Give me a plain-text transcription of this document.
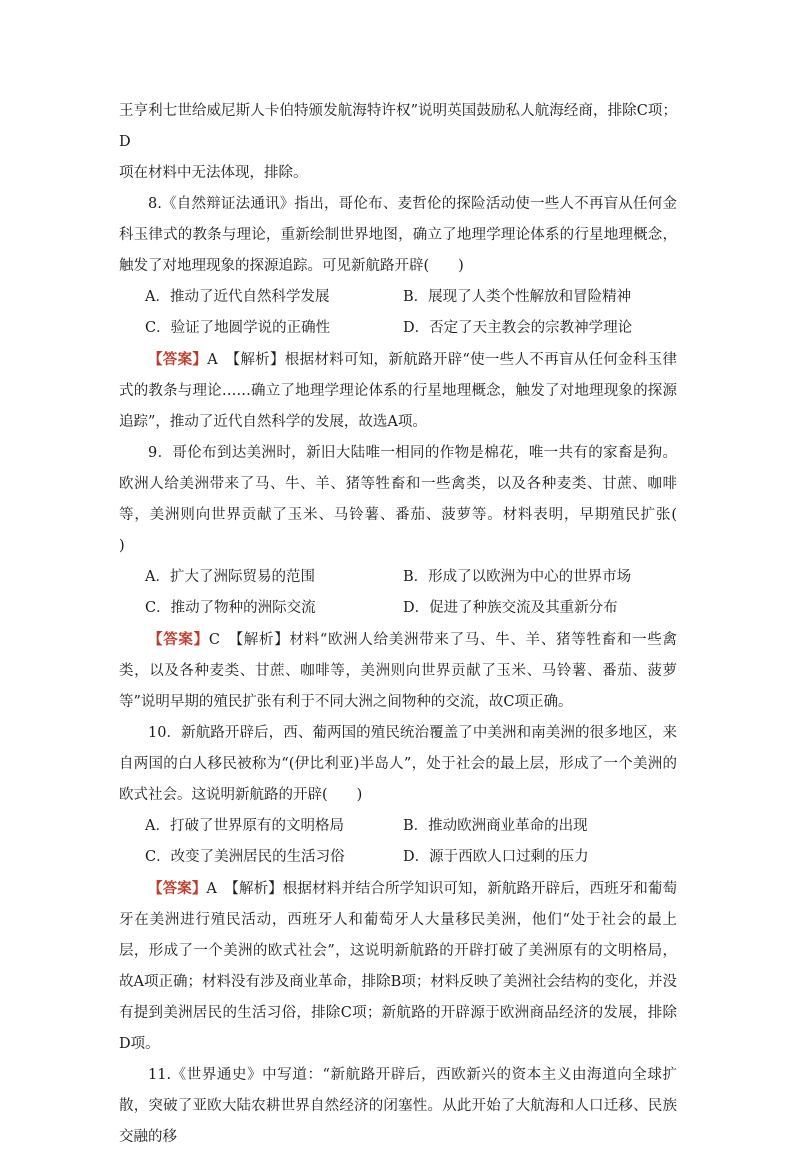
王亨利七世给威尼斯人卡伯特颁发航海特许权”说明英国鼓励私人航海经商，排除C项；D

项在材料中无法体现，排除。

8.《自然辩证法通讯》指出，哥伦布、麦哲伦的探险活动使一些人不再盲从任何金科玉律式的教条与理论，重新绘制世界地图，确立了地理学理论体系的行星地理概念，触发了对地理现象的探源追踪。可见新航路开辟(　　)

A．推动了近代自然科学发展	B．展现了人类个性解放和冒险精神
C．验证了地圆学说的正确性	D．否定了天主教会的宗教神学理论

【答案】A　【解析】根据材料可知，新航路开辟“使一些人不再盲从任何金科玉律式的教条与理论……确立了地理学理论体系的行星地理概念，触发了对地理现象的探源追踪”，推动了近代自然科学的发展，故选A项。

9．哥伦布到达美洲时，新旧大陆唯一相同的作物是棉花，唯一共有的家畜是狗。欧洲人给美洲带来了马、牛、羊、猪等牲畜和一些禽类，以及各种麦类、甘蔗、咖啡等，美洲则向世界贡献了玉米、马铃薯、番茄、菠萝等。材料表明，早期殖民扩张(　　)

A．扩大了洲际贸易的范围	B．形成了以欧洲为中心的世界市场
C．推动了物种的洲际交流	D．促进了种族交流及其重新分布

【答案】C　【解析】材料“欧洲人给美洲带来了马、牛、羊、猪等牲畜和一些禽类，以及各种麦类、甘蔗、咖啡等，美洲则向世界贡献了玉米、马铃薯、番茄、菠萝等”说明早期的殖民扩张有利于不同大洲之间物种的交流，故C项正确。

10．新航路开辟后，西、葡两国的殖民统治覆盖了中美洲和南美洲的很多地区，来自两国的白人移民被称为“(伊比利亚)半岛人”，处于社会的最上层，形成了一个美洲的欧式社会。这说明新航路的开辟(　　)

A．打破了世界原有的文明格局	B．推动欧洲商业革命的出现
C．改变了美洲居民的生活习俗	D．源于西欧人口过剩的压力

【答案】A　【解析】根据材料并结合所学知识可知，新航路开辟后，西班牙和葡萄牙在美洲进行殖民活动，西班牙人和葡萄牙人大量移民美洲，他们“处于社会的最上层，形成了一个美洲的欧式社会”，这说明新航路的开辟打破了美洲原有的文明格局，故A项正确；材料没有涉及商业革命，排除B项；材料反映了美洲社会结构的变化，并没有提到美洲居民的生活习俗，排除C项；新航路的开辟源于欧洲商品经济的发展，排除D项。

11.《世界通史》中写道：“新航路开辟后，西欧新兴的资本主义由海道向全球扩散，突破了亚欧大陆农耕世界自然经济的闭塞性。从此开始了大航海和人口迁移、民族交融的移
